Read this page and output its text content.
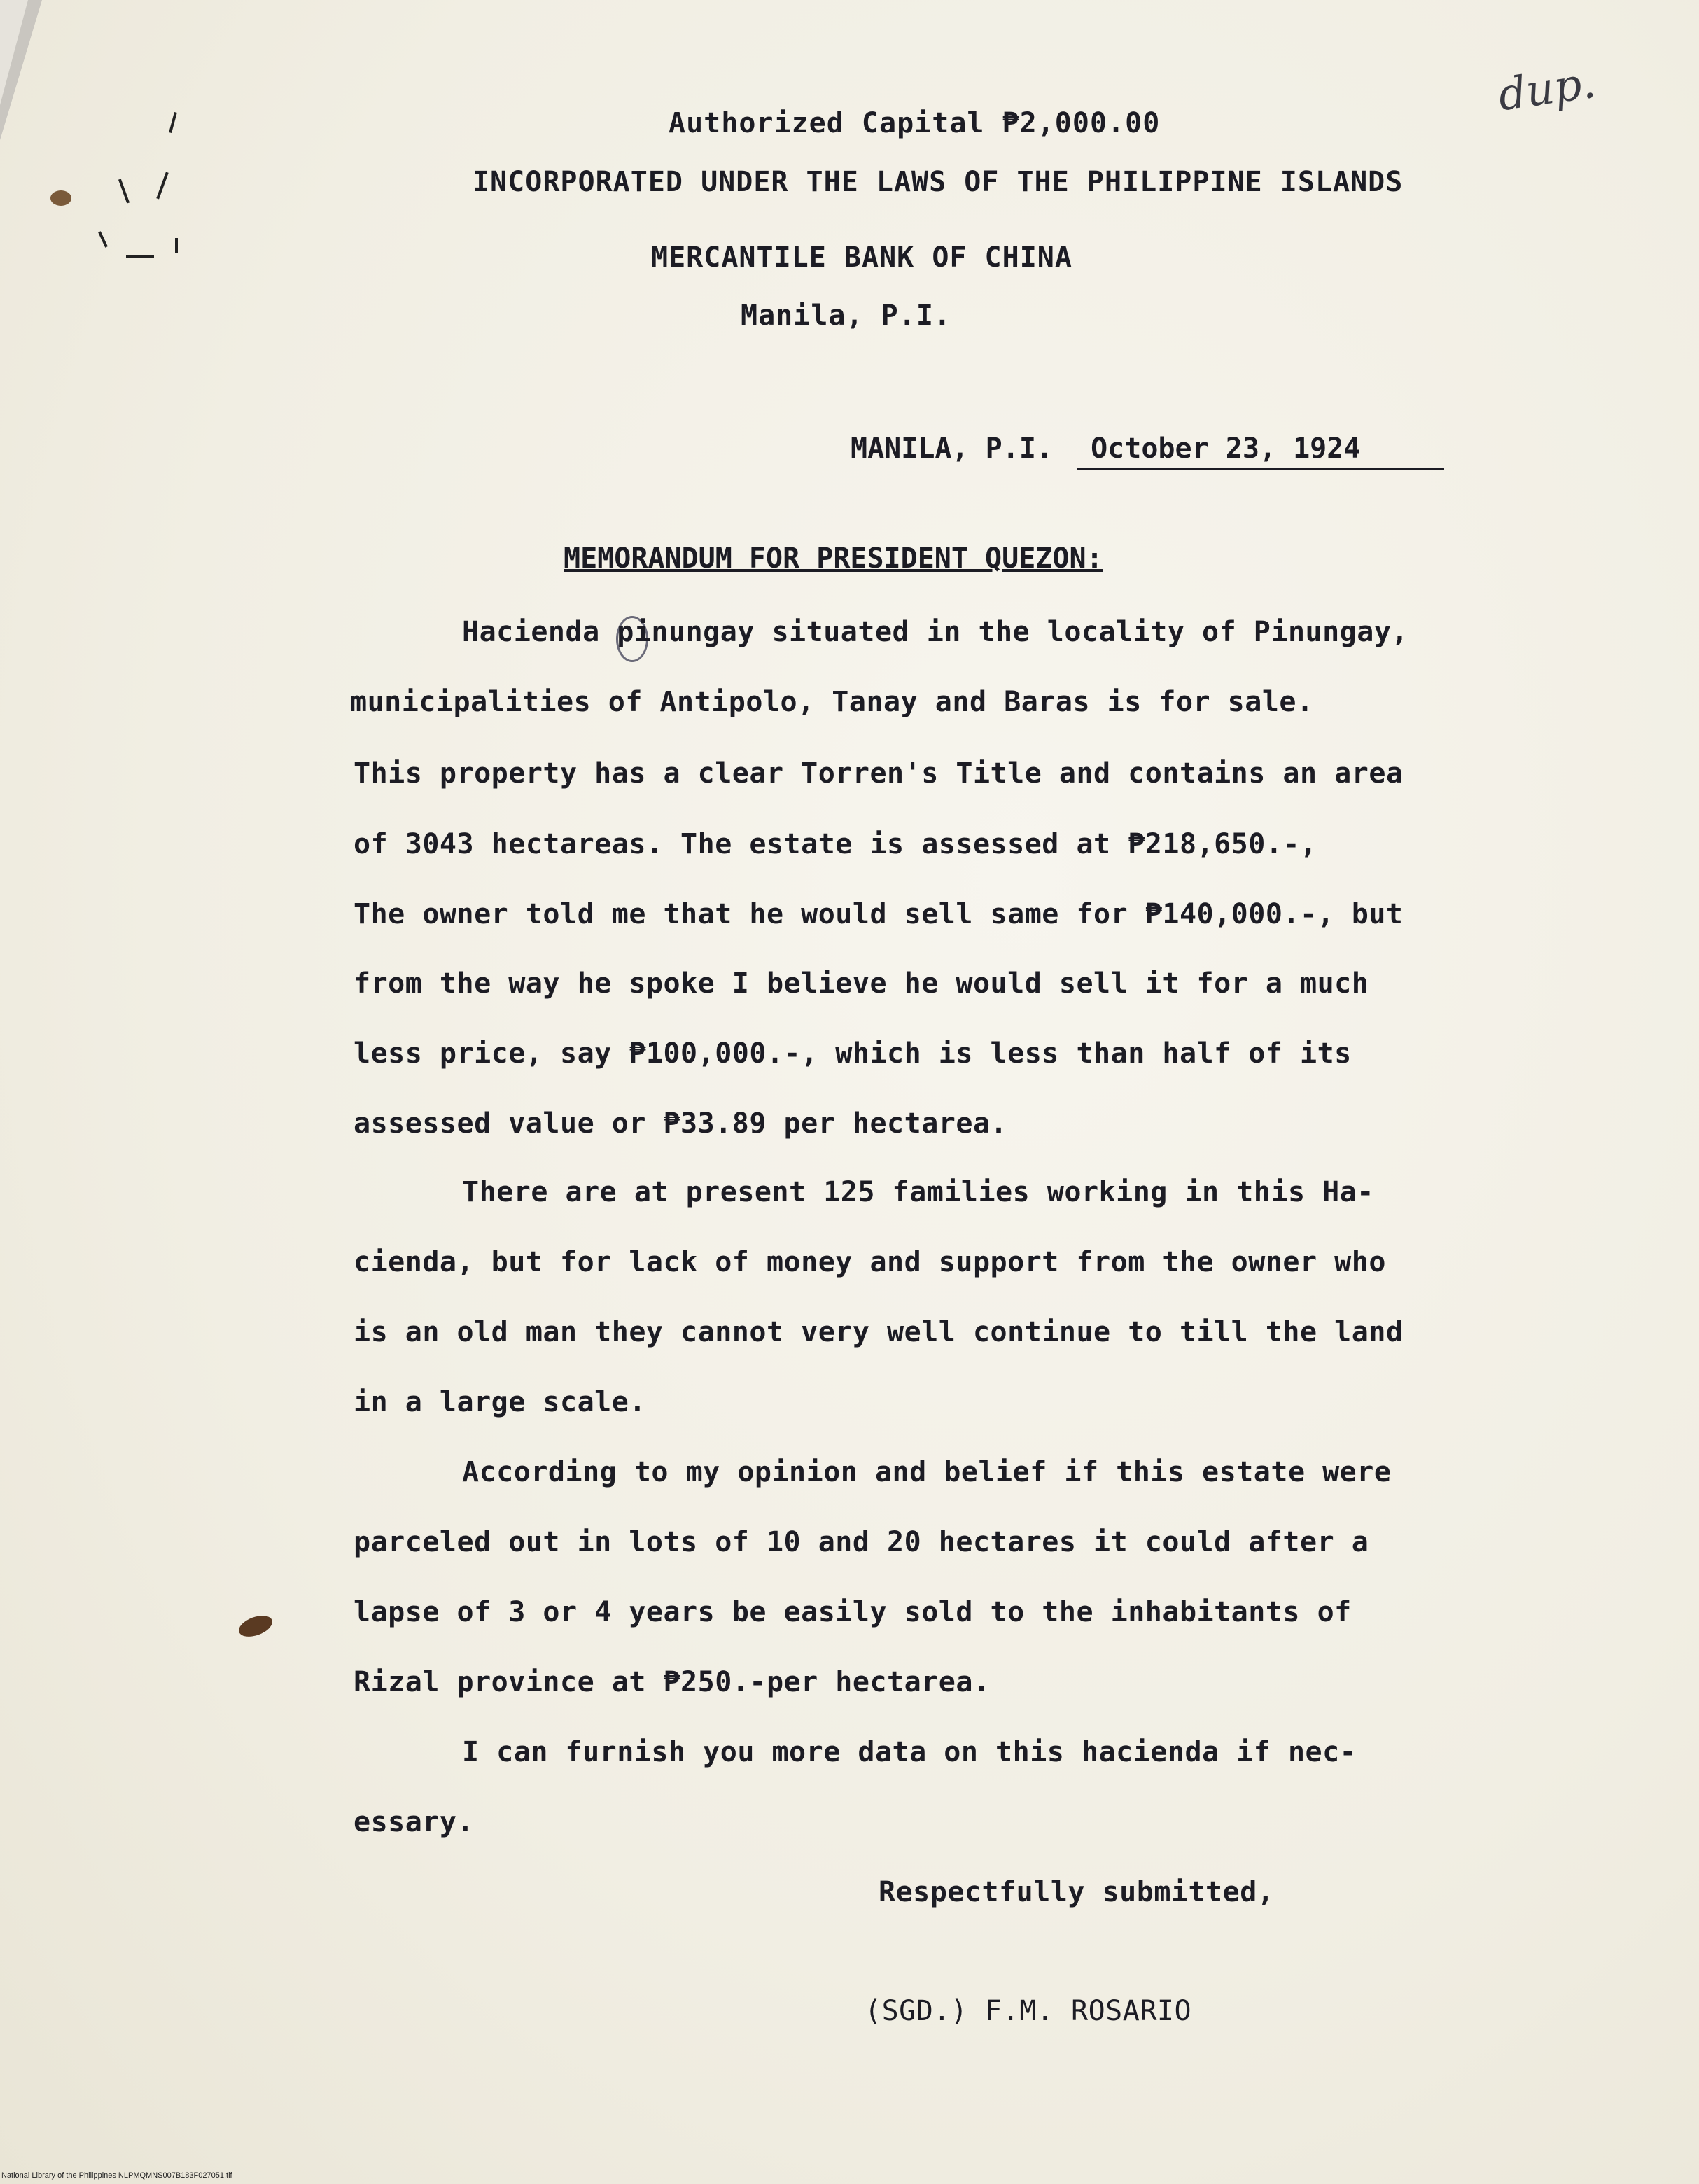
dup.
Authorized Capital ₱2,000.00
INCORPORATED UNDER THE LAWS OF THE PHILIPPINE ISLANDS
MERCANTILE BANK OF CHINA
Manila, P.I.
MANILA, P.I. October 23, 1924
MEMORANDUM FOR PRESIDENT QUEZON:
Hacienda pinungay situated in the locality of Pinungay,
municipalities of Antipolo, Tanay and Baras is for sale.
This property has a clear Torren's Title and contains an area
of 3043 hectareas. The estate is assessed at ₱218,650.-,
The owner told me that he would sell same for ₱140,000.-, but
from the way he spoke I believe he would sell it for a much
less price, say ₱100,000.-, which is less than half of its
assessed value or ₱33.89 per hectarea.
There are at present 125 families working in this Ha-
cienda, but for lack of money and support from the owner who
is an old man they cannot very well continue to till the land
in a large scale.
According to my opinion and belief if this estate were
parceled out in lots of 10 and 20 hectares it could after a
lapse of 3 or 4 years be easily sold to the inhabitants of
Rizal province at ₱250.-per hectarea.
I can furnish you more data on this hacienda if nec-
essary.
Respectfully submitted,
(SGD.) F.M. ROSARIO
National Library of the Philippines NLPMQMNS007B183F027051.tif
